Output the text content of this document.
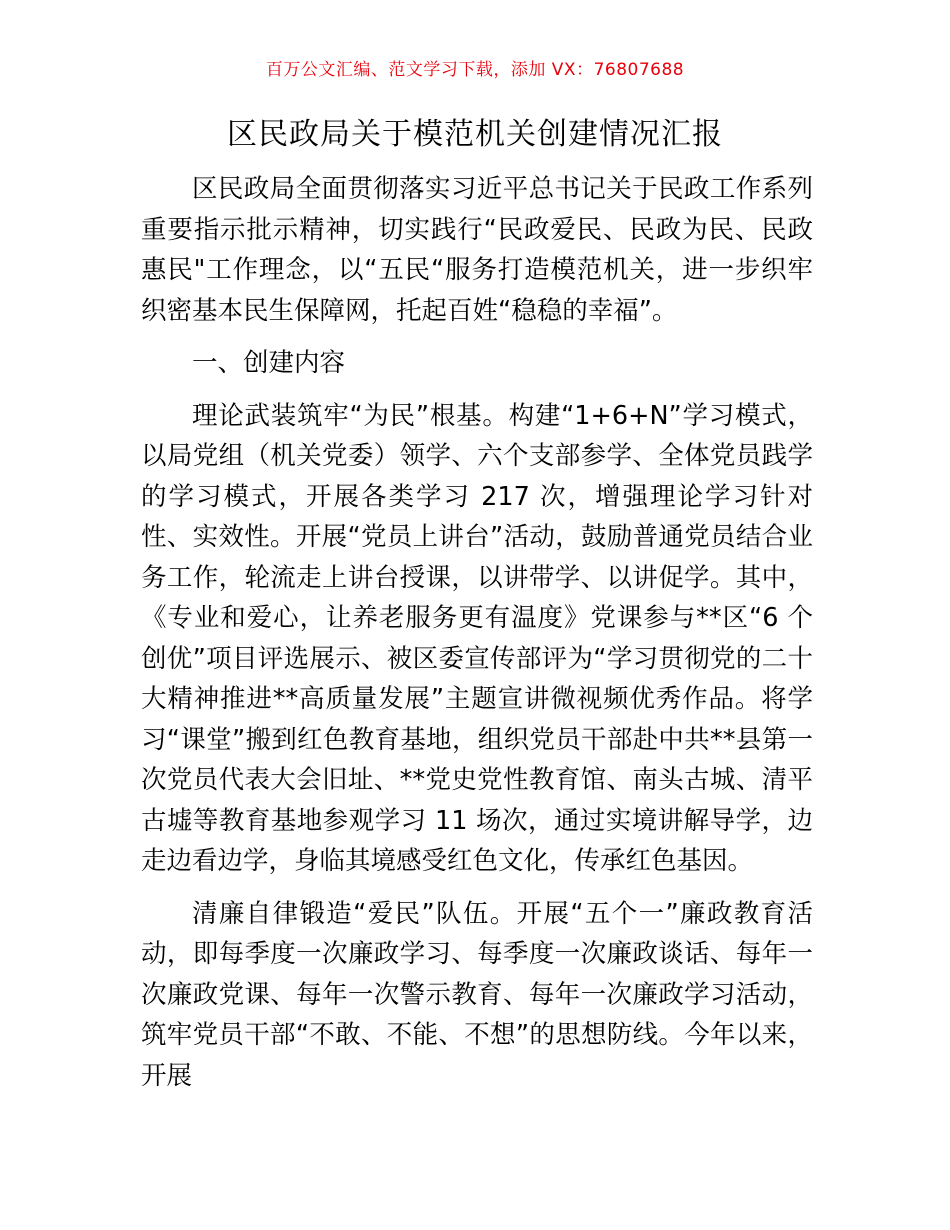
百万公文汇编、范文学习下载，添加 VX：76807688
区民政局关于模范机关创建情况汇报

区民政局全面贯彻落实习近平总书记关于民政工作系列重要指示批示精神，切实践行“民政爱民、民政为民、民政惠民"工作理念，以“五民“服务打造模范机关，进一步织牢织密基本民生保障网，托起百姓“稳稳的幸福”。

一、创建内容

理论武装筑牢“为民”根基。构建“1+6+N”学习模式，以局党组（机关党委）领学、六个支部参学、全体党员践学的学习模式，开展各类学习 217 次，增强理论学习针对性、实效性。开展“党员上讲台”活动，鼓励普通党员结合业务工作，轮流走上讲台授课，以讲带学、以讲促学。其中，《专业和爱心，让养老服务更有温度》党课参与**区“6 个创优”项目评选展示、被区委宣传部评为“学习贯彻党的二十大精神推进**高质量发展”主题宣讲微视频优秀作品。将学习“课堂”搬到红色教育基地，组织党员干部赴中共**县第一次党员代表大会旧址、**党史党性教育馆、南头古城、清平古墟等教育基地参观学习 11 场次，通过实境讲解导学，边走边看边学，身临其境感受红色文化，传承红色基因。

清廉自律锻造“爱民”队伍。开展“五个一”廉政教育活动，即每季度一次廉政学习、每季度一次廉政谈话、每年一次廉政党课、每年一次警示教育、每年一次廉政学习活动，筑牢党员干部“不敢、不能、不想”的思想防线。今年以来，开展
